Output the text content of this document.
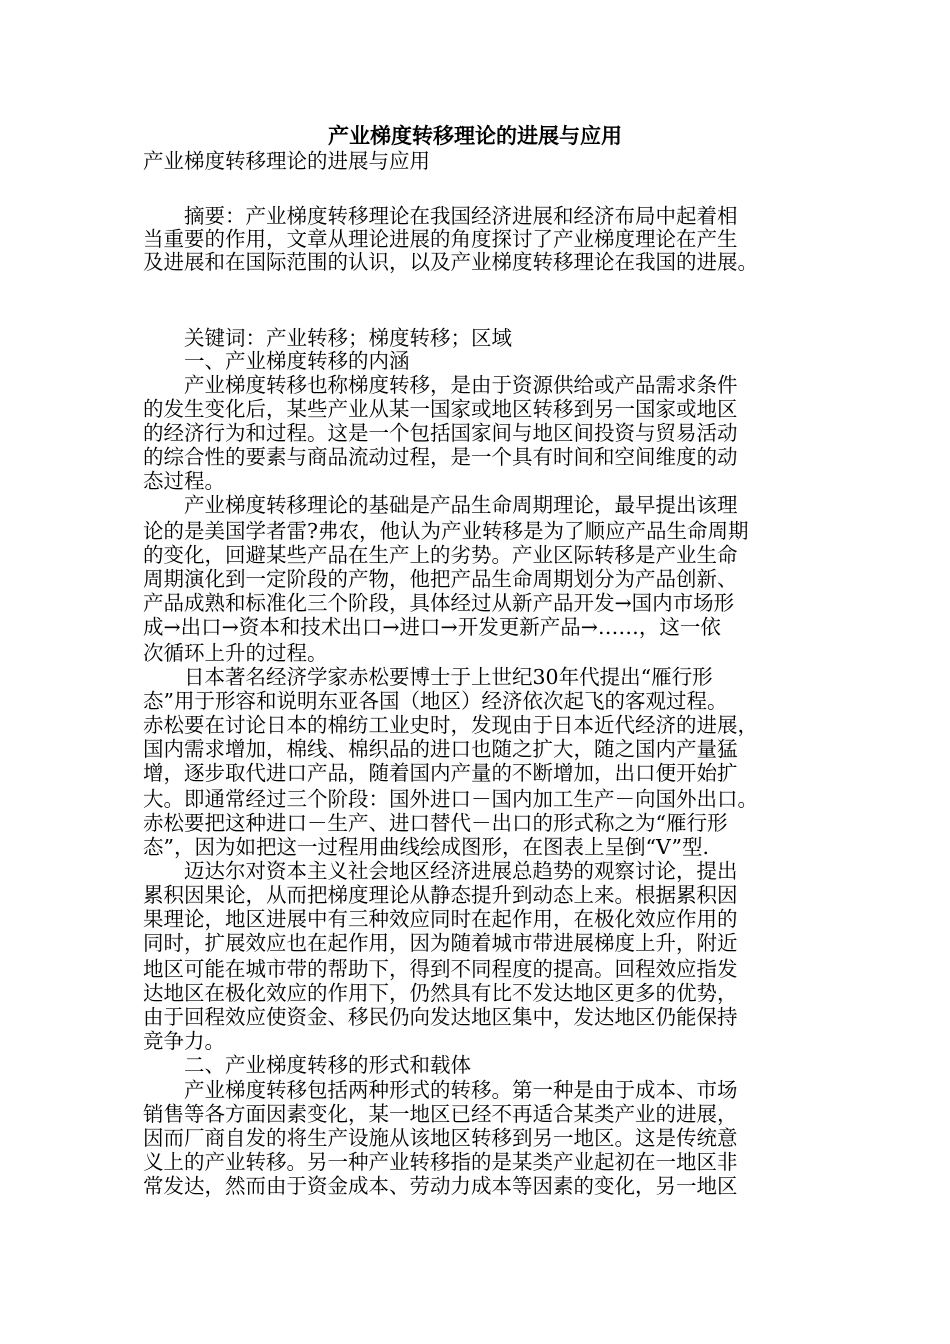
产业梯度转移理论的进展与应用
产业梯度转移理论的进展与应用
　　摘要：产业梯度转移理论在我国经济进展和经济布局中起着相
当重要的作用，文章从理论进展的角度探讨了产业梯度理论在产生
及进展和在国际范围的认识，以及产业梯度转移理论在我国的进展。
　　关键词：产业转移；梯度转移；区域
　　一、产业梯度转移的内涵
　　产业梯度转移也称梯度转移，是由于资源供给或产品需求条件
的发生变化后，某些产业从某一国家或地区转移到另一国家或地区
的经济行为和过程。这是一个包括国家间与地区间投资与贸易活动
的综合性的要素与商品流动过程，是一个具有时间和空间维度的动
态过程。
　　产业梯度转移理论的基础是产品生命周期理论，最早提出该理
论的是美国学者雷?弗农，他认为产业转移是为了顺应产品生命周期
的变化，回避某些产品在生产上的劣势。产业区际转移是产业生命
周期演化到一定阶段的产物，他把产品生命周期划分为产品创新、
产品成熟和标准化三个阶段，具体经过从新产品开发→国内市场形
成→出口→资本和技术出口→进口→开发更新产品→……，这一依
次循环上升的过程。
　　日本著名经济学家赤松要博士于上世纪30年代提出“雁行形
态”用于形容和说明东亚各国（地区）经济依次起飞的客观过程。
赤松要在讨论日本的棉纺工业史时，发现由于日本近代经济的进展，
国内需求增加，棉线、棉织品的进口也随之扩大，随之国内产量猛
增，逐步取代进口产品，随着国内产量的不断增加，出口便开始扩
大。即通常经过三个阶段：国外进口－国内加工生产－向国外出口。
赤松要把这种进口－生产、进口替代－出口的形式称之为“雁行形
态”，因为如把这一过程用曲线绘成图形，在图表上呈倒“V”型.
　　迈达尔对资本主义社会地区经济进展总趋势的观察讨论，提出
累积因果论，从而把梯度理论从静态提升到动态上来。根据累积因
果理论，地区进展中有三种效应同时在起作用，在极化效应作用的
同时，扩展效应也在起作用，因为随着城市带进展梯度上升，附近
地区可能在城市带的帮助下，得到不同程度的提高。回程效应指发
达地区在极化效应的作用下，仍然具有比不发达地区更多的优势，
由于回程效应使资金、移民仍向发达地区集中，发达地区仍能保持
竞争力。
　　二、产业梯度转移的形式和载体
　　产业梯度转移包括两种形式的转移。第一种是由于成本、市场
销售等各方面因素变化，某一地区已经不再适合某类产业的进展，
因而厂商自发的将生产设施从该地区转移到另一地区。这是传统意
义上的产业转移。另一种产业转移指的是某类产业起初在一地区非
常发达，然而由于资金成本、劳动力成本等因素的变化，另一地区
